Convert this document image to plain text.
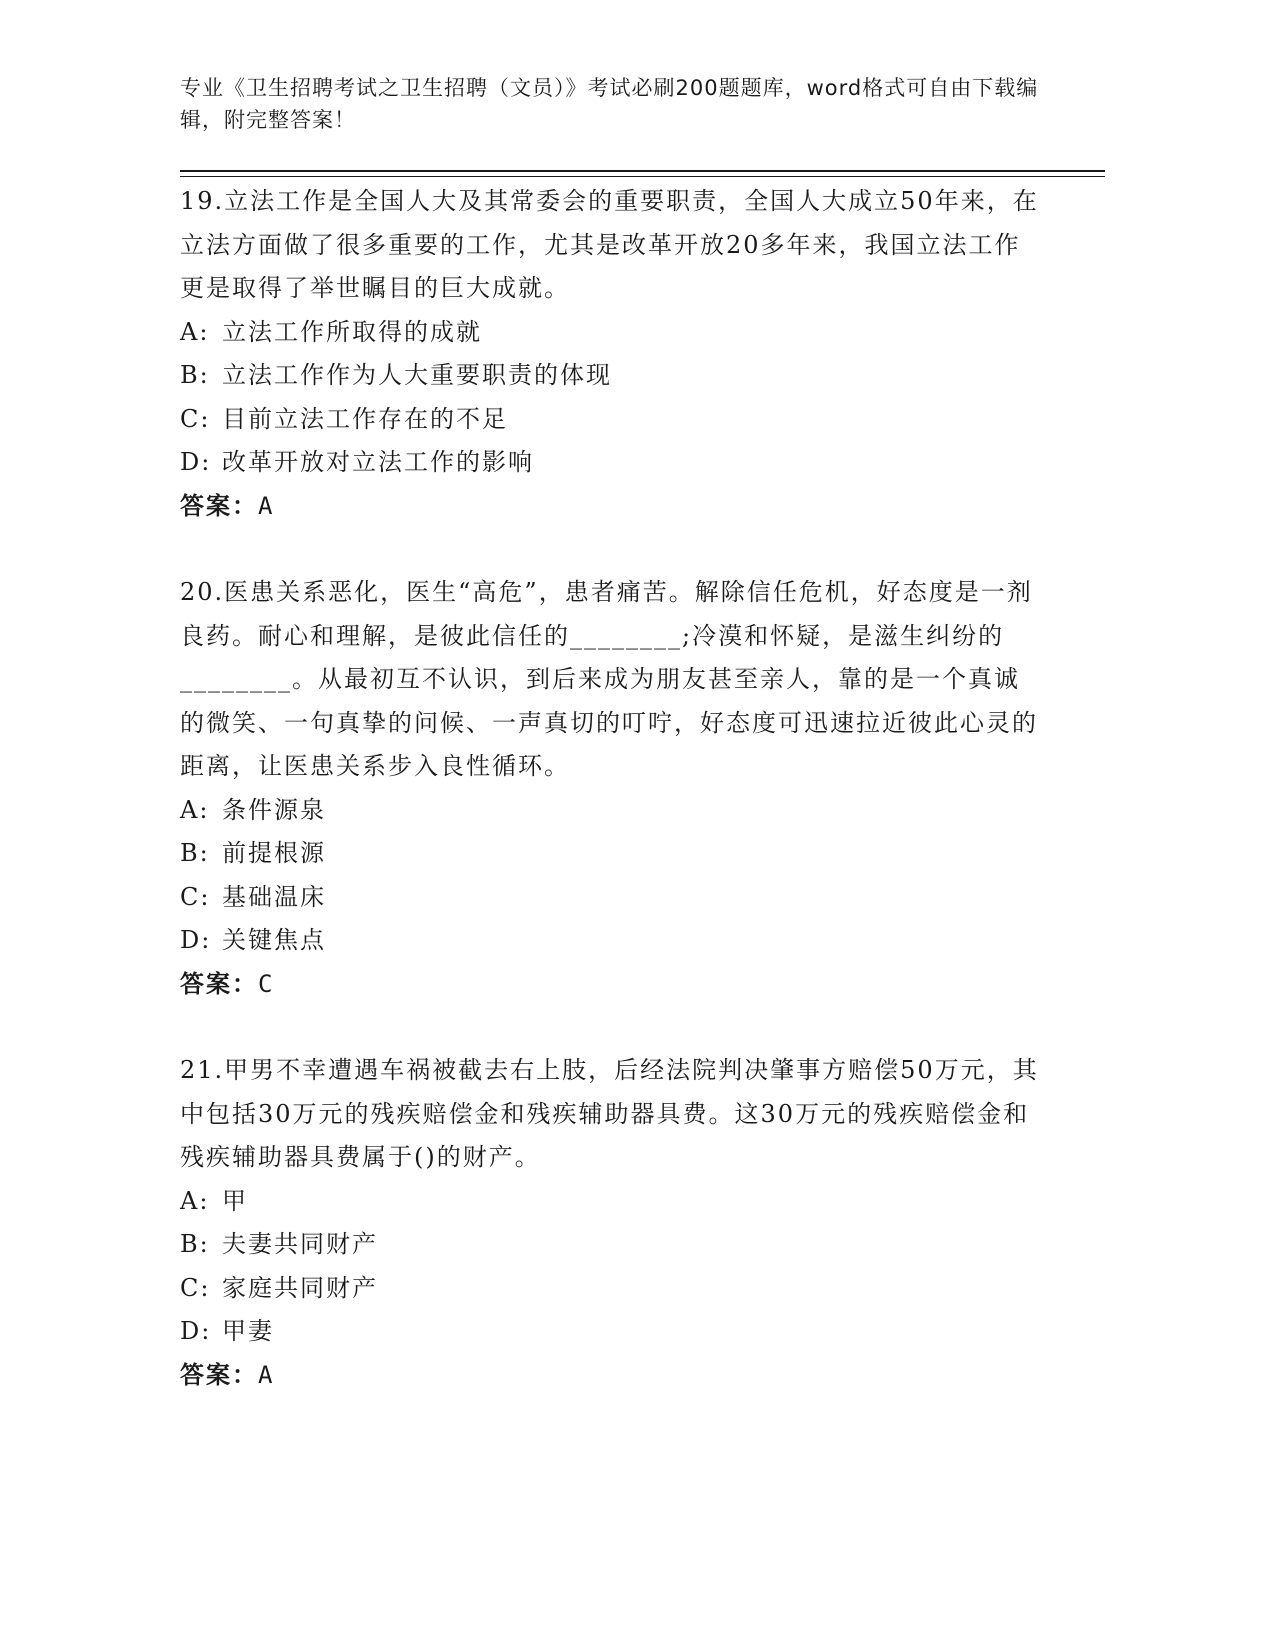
专业《卫生招聘考试之卫生招聘（文员）》考试必刷200题题库，word格式可自由下载编辑，附完整答案！

19.立法工作是全国人大及其常委会的重要职责，全国人大成立50年来，在立法方面做了很多重要的工作，尤其是改革开放20多年来，我国立法工作更是取得了举世瞩目的巨大成就。

A: 立法工作所取得的成就

B: 立法工作作为人大重要职责的体现

C: 目前立法工作存在的不足

D: 改革开放对立法工作的影响

答案：A

20.医患关系恶化，医生“高危”，患者痛苦。解除信任危机，好态度是一剂良药。耐心和理解，是彼此信任的________;冷漠和怀疑，是滋生纠纷的________。从最初互不认识，到后来成为朋友甚至亲人，靠的是一个真诚的微笑、一句真挚的问候、一声真切的叮咛，好态度可迅速拉近彼此心灵的距离，让医患关系步入良性循环。

A: 条件源泉

B: 前提根源

C: 基础温床

D: 关键焦点

答案：C

21.甲男不幸遭遇车祸被截去右上肢，后经法院判决肇事方赔偿50万元，其中包括30万元的残疾赔偿金和残疾辅助器具费。这30万元的残疾赔偿金和残疾辅助器具费属于()的财产。

A: 甲

B: 夫妻共同财产

C: 家庭共同财产

D: 甲妻

答案：A
